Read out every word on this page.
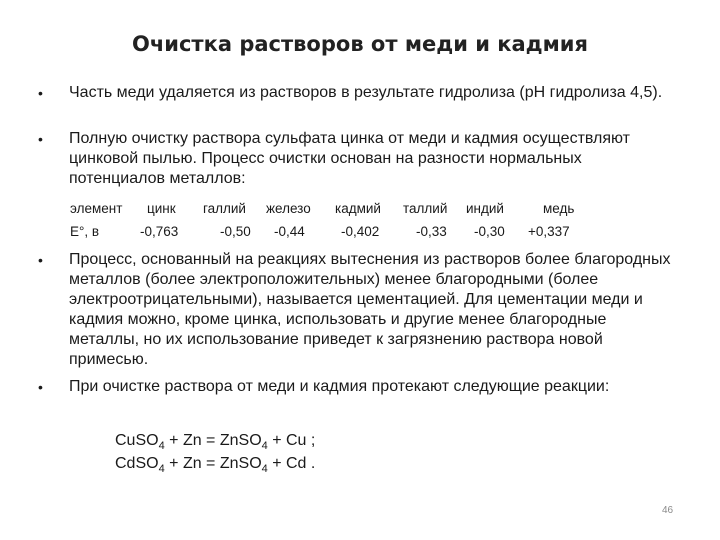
Очистка растворов от меди и кадмия
•	Часть меди удаляется из растворов в результате гидролиза (рН гидролиза 4,5).
•	Полную очистку раствора сульфата цинка от меди и кадмия осуществляют цинковой пылью. Процесс очистки основан на разности нормальных потенциалов металлов:
элемент цинк галлий железо кадмий таллий индий	медь
E°, в	-0,763	-0,50 -0,44	-0,402	-0,33 -0,30 +0,337
•	Процесс, основанный на реакциях вытеснения из растворов более благородных металлов (более электроположительных) менее благородными (более электроотрицательными), называется цементацией. Для цементации меди и кадмия можно, кроме цинка, использовать и другие менее благородные металлы, но их использование приведет к загрязнению раствора новой примесью.
•	При очистке раствора от меди и кадмия протекают следующие реакции:
CuSO$_4$ + Zn = ZnSO$_4$ + Cu ;
CdSO$_4$ + Zn = ZnSO$_4$ + Cd .
46
